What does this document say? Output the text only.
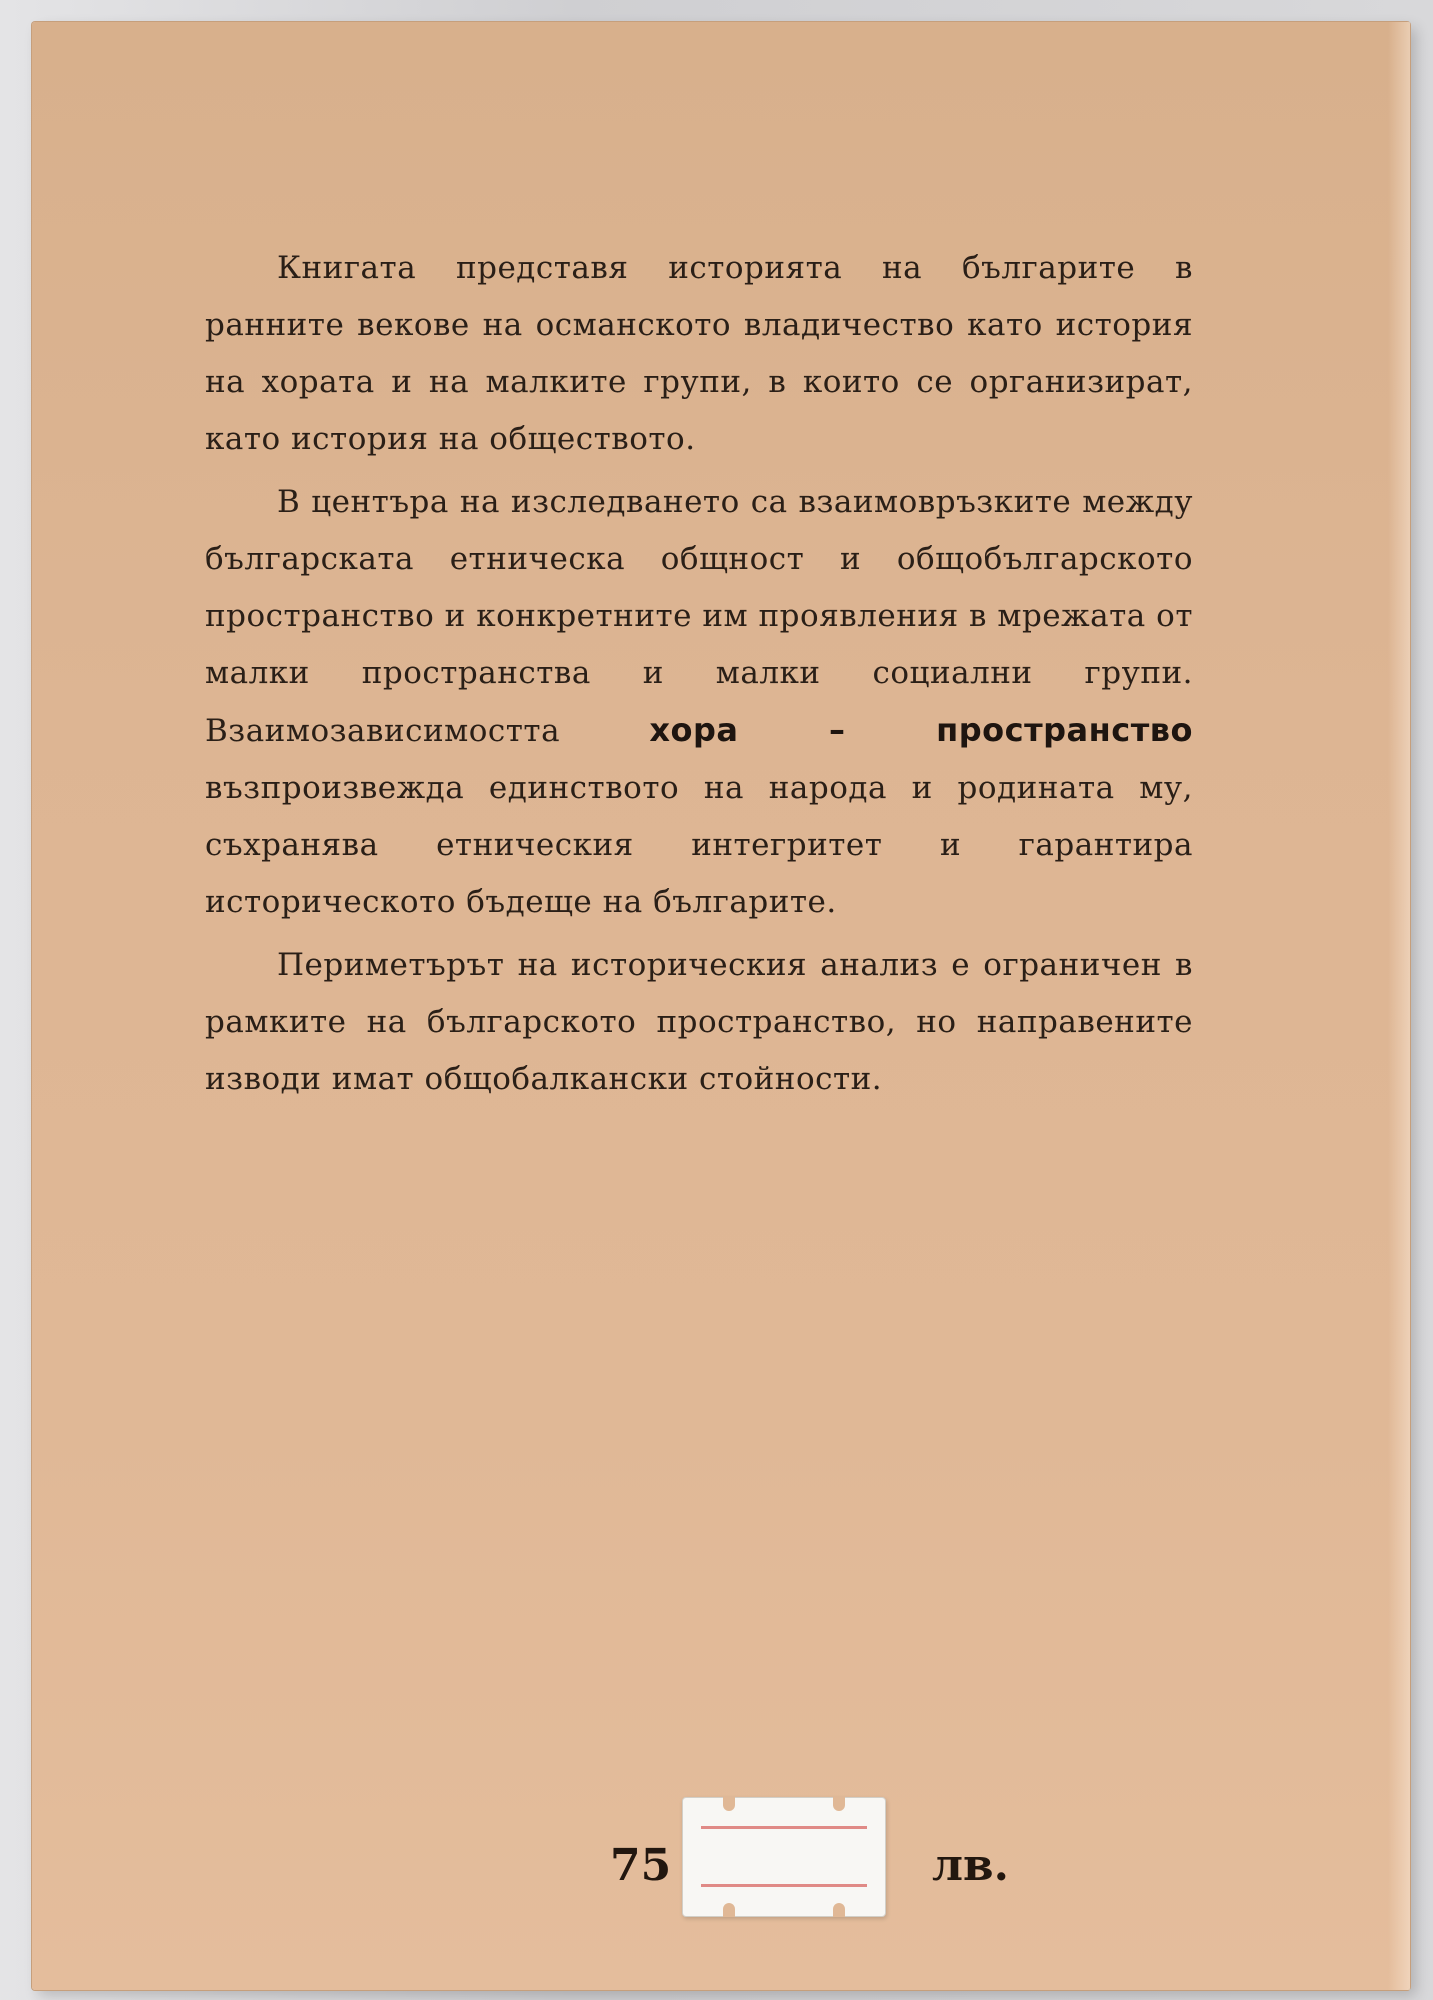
Книгата представя историята на българите в ранните векове на османското владичество като история на хората и на малките групи, в които се организират, като история на обществото.

В центъра на изследването са взаимовръзките между българската етническа общност и общобългарското пространство и конкретните им проявления в мрежата от малки пространства и малки социални групи. Взаимозависимостта хора – пространство възпроизвежда единството на народа и родината му, съхранява етническия интегритет и гарантира историческото бъдеще на българите.

Периметърът на историческия анализ е ограничен в рамките на българското пространство, но направените изводи имат общобалкански стойности.

75	лв.
